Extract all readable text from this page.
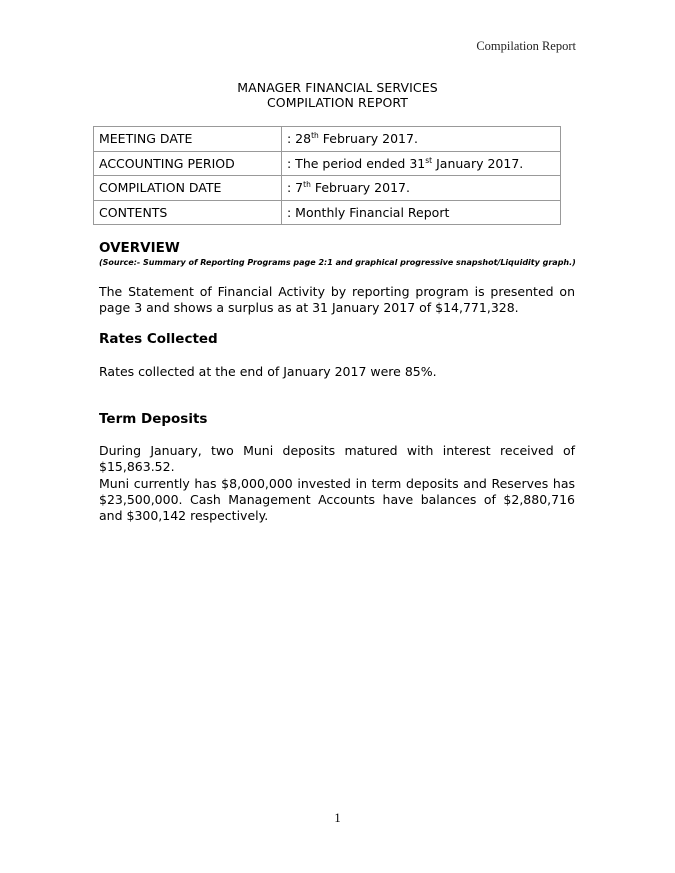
Compilation Report
MANAGER FINANCIAL SERVICES
COMPILATION REPORT
MEETING DATE	: 28th February 2017.
ACCOUNTING PERIOD	: The period ended 31st January 2017.
COMPILATION DATE	: 7th February 2017.
CONTENTS	: Monthly Financial Report
OVERVIEW
(Source:- Summary of Reporting Programs page 2:1 and graphical progressive snapshot/Liquidity graph.)
The Statement of Financial Activity by reporting program is presented on page 3 and shows a surplus as at 31 January 2017 of $14,771,328.
Rates Collected
Rates collected at the end of January 2017 were 85%.
Term Deposits
During January, two Muni deposits matured with interest received of $15,863.52.
Muni currently has $8,000,000 invested in term deposits and Reserves has $23,500,000. Cash Management Accounts have balances of $2,880,716 and $300,142 respectively.
1
